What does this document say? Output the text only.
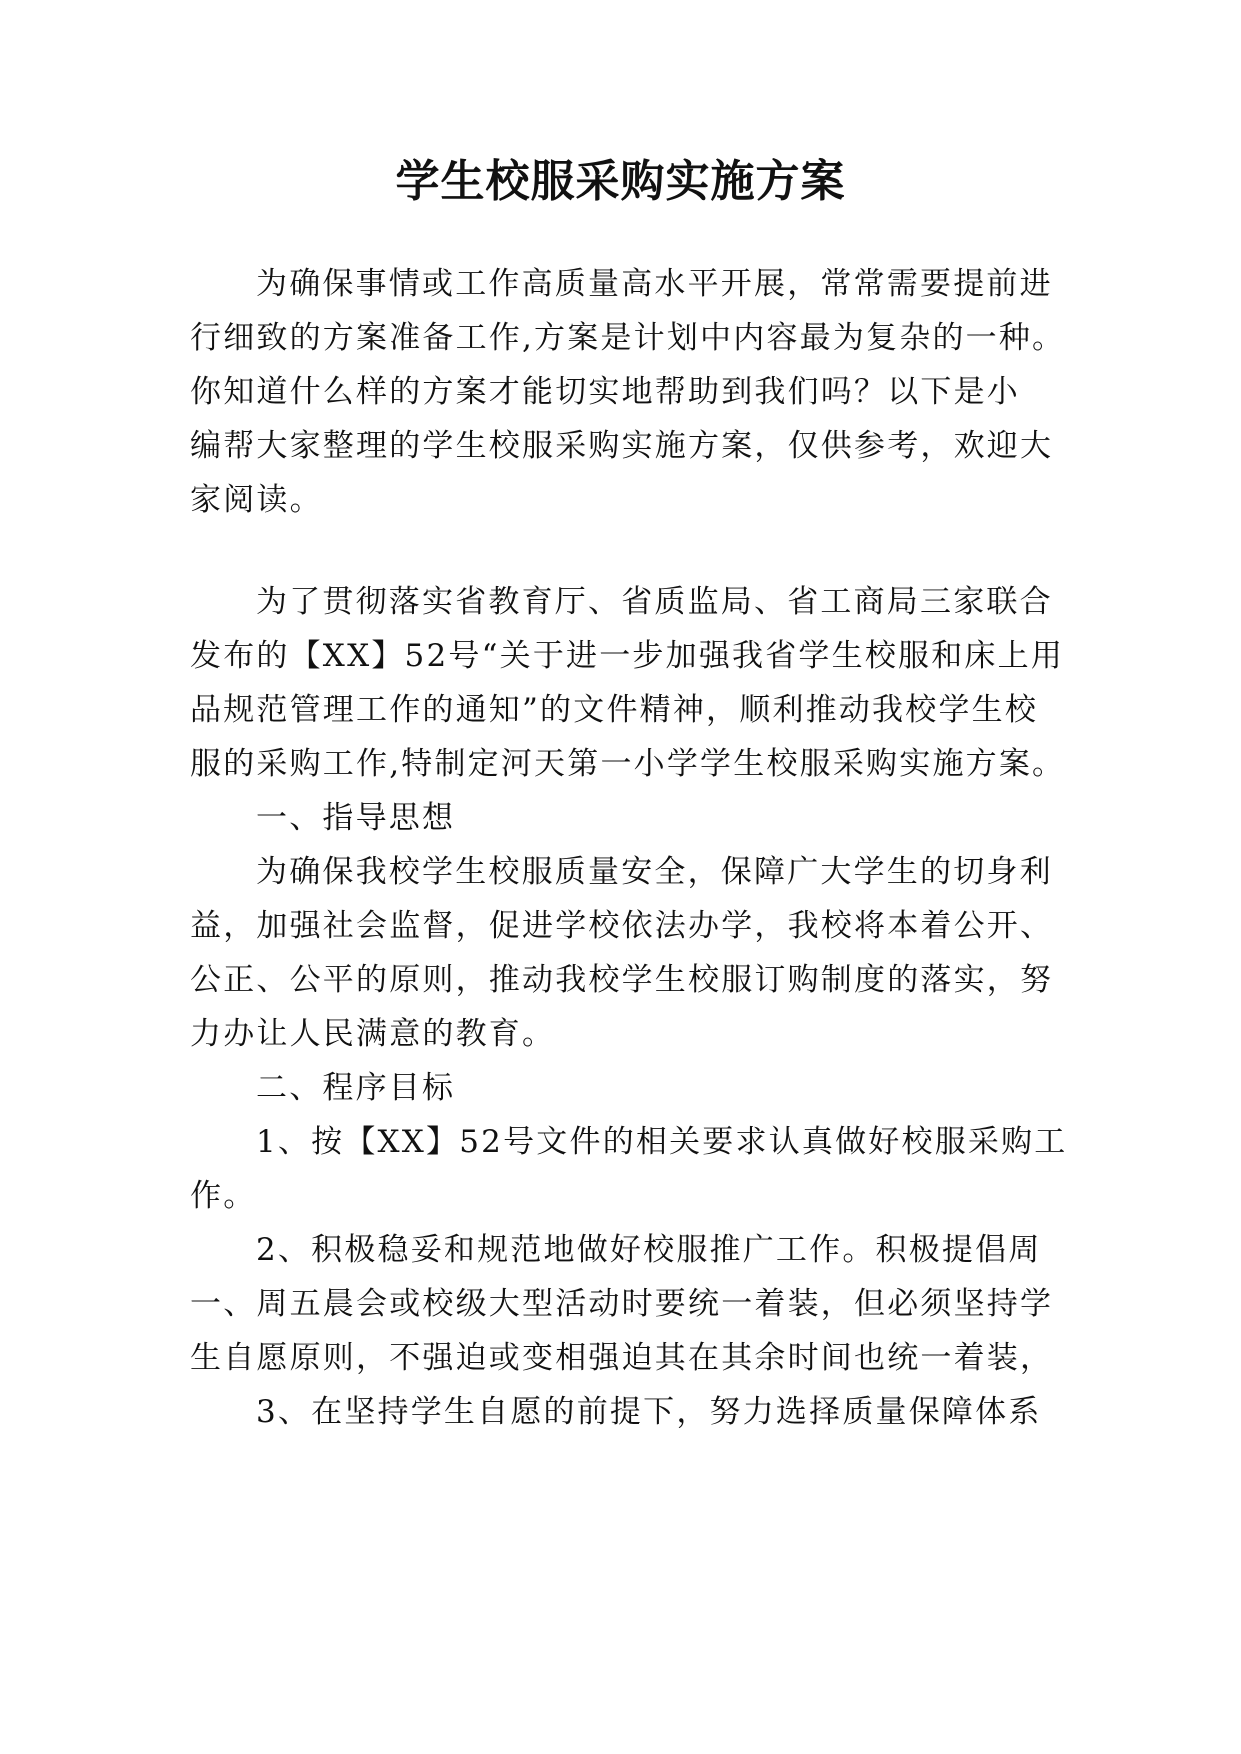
学生校服采购实施方案

为确保事情或工作高质量高水平开展，常常需要提前进

行细致的方案准备工作,方案是计划中内容最为复杂的一种。

你知道什么样的方案才能切实地帮助到我们吗？以下是小

编帮大家整理的学生校服采购实施方案，仅供参考，欢迎大

家阅读。

为了贯彻落实省教育厅、省质监局、省工商局三家联合

发布的【XX】52号“关于进一步加强我省学生校服和床上用

品规范管理工作的通知”的文件精神，顺利推动我校学生校

服的采购工作,特制定河天第一小学学生校服采购实施方案。

一、指导思想

为确保我校学生校服质量安全，保障广大学生的切身利

益，加强社会监督，促进学校依法办学，我校将本着公开、

公正、公平的原则，推动我校学生校服订购制度的落实，努

力办让人民满意的教育。

二、程序目标

1、按【XX】52号文件的相关要求认真做好校服采购工

作。

2、积极稳妥和规范地做好校服推广工作。积极提倡周

一、周五晨会或校级大型活动时要统一着装，但必须坚持学

生自愿原则，不强迫或变相强迫其在其余时间也统一着装，

3、在坚持学生自愿的前提下，努力选择质量保障体系
